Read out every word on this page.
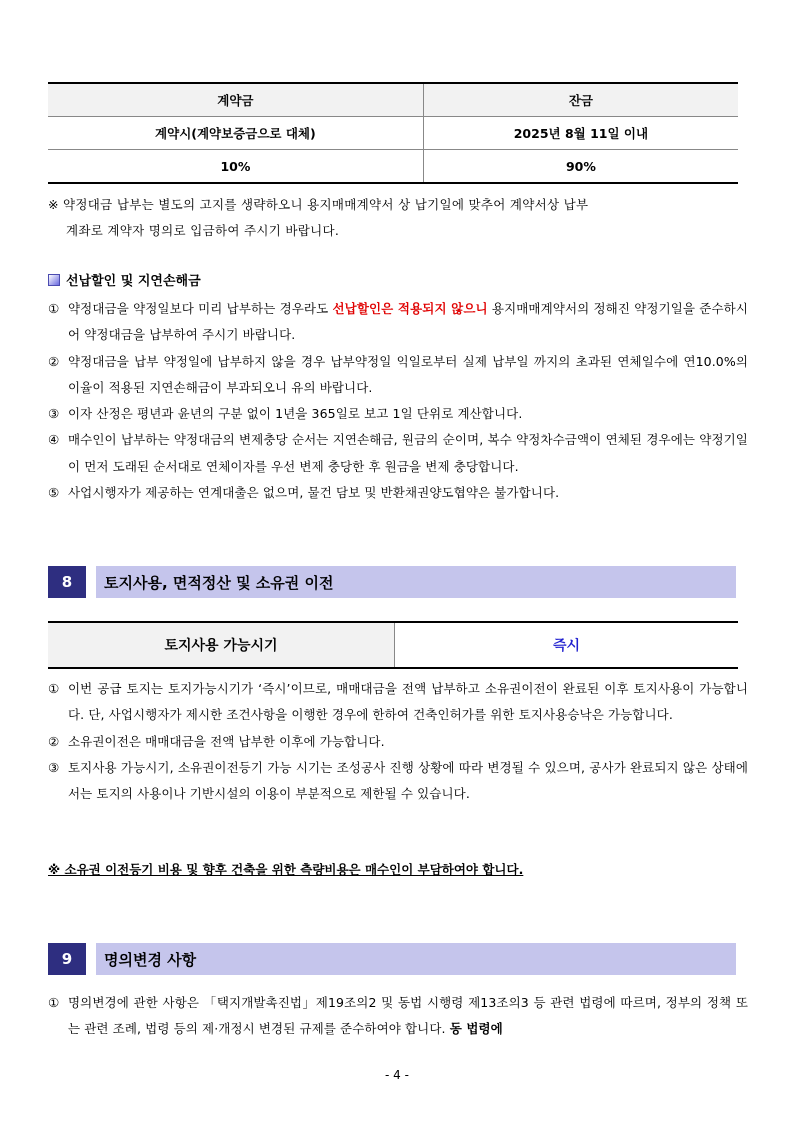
계약금	잔금
계약시(계약보증금으로 대체)	2025년 8월 11일 이내
10%	90%
※ 약정대금 납부는 별도의 고지를 생략하오니 용지매매계약서 상 납기일에 맞추어 계약서상 납부
계좌로 계약자 명의로 입금하여 주시기 바랍니다.
선납할인 및 지연손해금
① 약정대금을 약정일보다 미리 납부하는 경우라도 선납할인은 적용되지 않으니 용지매매계약서의 정해진 약정기일을 준수하시어 약정대금을 납부하여 주시기 바랍니다.
② 약정대금을 납부 약정일에 납부하지 않을 경우 납부약정일 익일로부터 실제 납부일 까지의 초과된 연체일수에 연10.0%의 이율이 적용된 지연손해금이 부과되오니 유의 바랍니다.
③ 이자 산정은 평년과 윤년의 구분 없이 1년을 365일로 보고 1일 단위로 계산합니다.
④ 매수인이 납부하는 약정대금의 변제충당 순서는 지연손해금, 원금의 순이며, 복수 약정차수금액이 연체된 경우에는 약정기일이 먼저 도래된 순서대로 연체이자를 우선 변제 충당한 후 원금을 변제 충당합니다.
⑤ 사업시행자가 제공하는 연계대출은 없으며, 물건 담보 및 반환채권양도협약은 불가합니다.
8	토지사용, 면적정산 및 소유권 이전
토지사용 가능시기	즉시
① 이번 공급 토지는 토지가능시기가 ‘즉시’이므로, 매매대금을 전액 납부하고 소유권이전이 완료된 이후 토지사용이 가능합니다. 단, 사업시행자가 제시한 조건사항을 이행한 경우에 한하여 건축인허가를 위한 토지사용승낙은 가능합니다.
② 소유권이전은 매매대금을 전액 납부한 이후에 가능합니다.
③ 토지사용 가능시기, 소유권이전등기 가능 시기는 조성공사 진행 상황에 따라 변경될 수 있으며, 공사가 완료되지 않은 상태에서는 토지의 사용이나 기반시설의 이용이 부분적으로 제한될 수 있습니다.
※ 소유권 이전등기 비용 및 향후 건축을 위한 측량비용은 매수인이 부담하여야 합니다.
9	명의변경 사항
① 명의변경에 관한 사항은 「택지개발촉진법」제19조의2 및 동법 시행령 제13조의3 등 관련 법령에 따르며, 정부의 정책 또는 관련 조례, 법령 등의 제·개정시 변경된 규제를 준수하여야 합니다. 동 법령에
- 4 -
